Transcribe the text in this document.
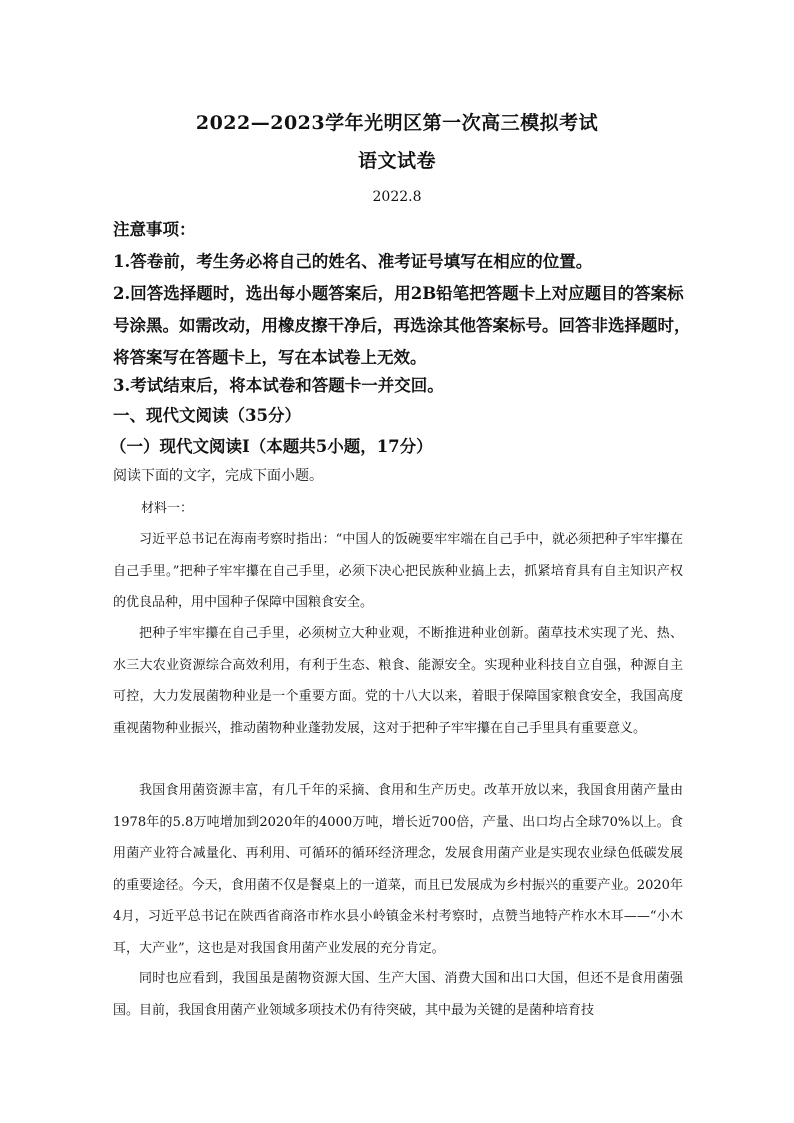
2022—2023学年光明区第一次高三模拟考试
语文试卷
2022.8
注意事项：
1.答卷前，考生务必将自己的姓名、准考证号填写在相应的位置。
2.回答选择题时，选出每小题答案后，用2B铅笔把答题卡上对应题目的答案标号涂黑。如需改动，用橡皮擦干净后，再选涂其他答案标号。回答非选择题时，将答案写在答题卡上，写在本试卷上无效。
3.考试结束后，将本试卷和答题卡一并交回。
一、现代文阅读（35分）
（一）现代文阅读Ⅰ（本题共5小题，17分）
阅读下面的文字，完成下面小题。
材料一：

习近平总书记在海南考察时指出：“中国人的饭碗要牢牢端在自己手中，就必须把种子牢牢攥在自己手里。”把种子牢牢攥在自己手里，必须下决心把民族种业搞上去，抓紧培育具有自主知识产权的优良品种，用中国种子保障中国粮食安全。

把种子牢牢攥在自己手里，必须树立大种业观，不断推进种业创新。菌草技术实现了光、热、水三大农业资源综合高效利用，有利于生态、粮食、能源安全。实现种业科技自立自强，种源自主可控，大力发展菌物种业是一个重要方面。党的十八大以来，着眼于保障国家粮食安全，我国高度重视菌物种业振兴，推动菌物种业蓬勃发展，这对于把种子牢牢攥在自己手里具有重要意义。

我国食用菌资源丰富，有几千年的采摘、食用和生产历史。改革开放以来，我国食用菌产量由1978年的5.8万吨增加到2020年的4000万吨，增长近700倍，产量、出口均占全球70%以上。食用菌产业符合减量化、再利用、可循环的循环经济理念，发展食用菌产业是实现农业绿色低碳发展的重要途径。今天，食用菌不仅是餐桌上的一道菜，而且已发展成为乡村振兴的重要产业。2020年4月，习近平总书记在陕西省商洛市柞水县小岭镇金米村考察时，点赞当地特产柞水木耳——“小木耳，大产业”，这也是对我国食用菌产业发展的充分肯定。

同时也应看到，我国虽是菌物资源大国、生产大国、消费大国和出口大国，但还不是食用菌强国。目前，我国食用菌产业领域多项技术仍有待突破，其中最为关键的是菌种培育技
